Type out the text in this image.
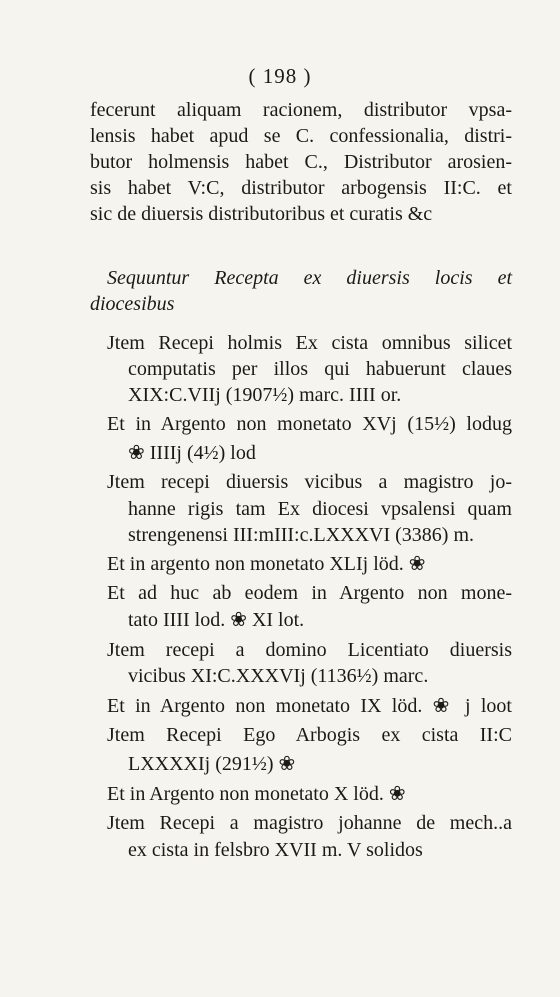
( 198 )
fecerunt aliquam racionem, distributor vpsa-
lensis habet apud se C. confessionalia, distri-
butor holmensis habet C., Distributor arosien-
sis habet V:C, distributor arbogensis II:C. et
sic de diuersis distributoribus et curatis &c
Sequuntur Recepta ex diuersis locis et
diocesibus
Jtem Recepi holmis Ex cista omnibus silicet
computatis per illos qui habuerunt claues
XIX:C.VIIj (1907½) marc. IIII or.
Et in Argento non monetato XVj (15½) lodug
❀ IIIIj (4½) lod
Jtem recepi diuersis vicibus a magistro jo-
hanne rigis tam Ex diocesi vpsalensi quam
strengenensi III:mIII:c.LXXXVI (3386) m.
Et in argento non monetato XLIj löd. ❀
Et ad huc ab eodem in Argento non mone-
tato IIII lod. ❀ XI lot.
Jtem recepi a domino Licentiato diuersis
vicibus XI:C.XXXVIj (1136½) marc.
Et in Argento non monetato IX löd. ❀ j loot
Jtem Recepi Ego Arbogis ex cista II:C
LXXXXIj (291½) ❀
Et in Argento non monetato X löd. ❀
Jtem Recepi a magistro johanne de mech..a
ex cista in felsbro XVII m. V solidos
